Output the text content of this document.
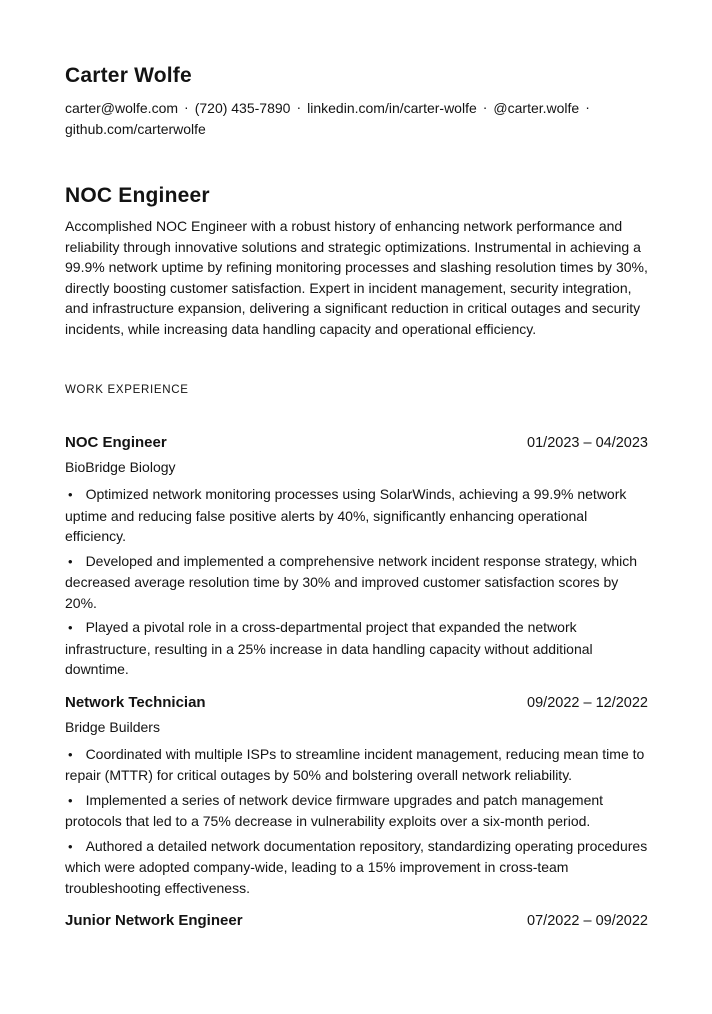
Carter Wolfe

carter@wolfe.com · (720) 435-7890 · linkedin.com/in/carter-wolfe · @carter.wolfe ·github.com/carterwolfe

NOC Engineer

Accomplished NOC Engineer with a robust history of enhancing network performance and reliability through innovative solutions and strategic optimizations. Instrumental in achieving a 99.9% network uptime by refining monitoring processes and slashing resolution times by 30%, directly boosting customer satisfaction. Expert in incident management, security integration, and infrastructure expansion, delivering a significant reduction in critical outages and security incidents, while increasing data handling capacity and operational efficiency.

WORK EXPERIENCE
NOC Engineer	01/2023 – 04/2023
BioBridge Biology

• Optimized network monitoring processes using SolarWinds, achieving a 99.9% network uptime and reducing false positive alerts by 40%, significantly enhancing operational efficiency.

• Developed and implemented a comprehensive network incident response strategy, which decreased average resolution time by 30% and improved customer satisfaction scores by 20%.

• Played a pivotal role in a cross-departmental project that expanded the network infrastructure, resulting in a 25% increase in data handling capacity without additional downtime.

Network Technician	09/2022 – 12/2022
Bridge Builders

• Coordinated with multiple ISPs to streamline incident management, reducing mean time to repair (MTTR) for critical outages by 50% and bolstering overall network reliability.

• Implemented a series of network device firmware upgrades and patch management protocols that led to a 75% decrease in vulnerability exploits over a six-month period.

• Authored a detailed network documentation repository, standardizing operating procedures which were adopted company-wide, leading to a 15% improvement in cross-team troubleshooting effectiveness.

Junior Network Engineer	07/2022 – 09/2022
